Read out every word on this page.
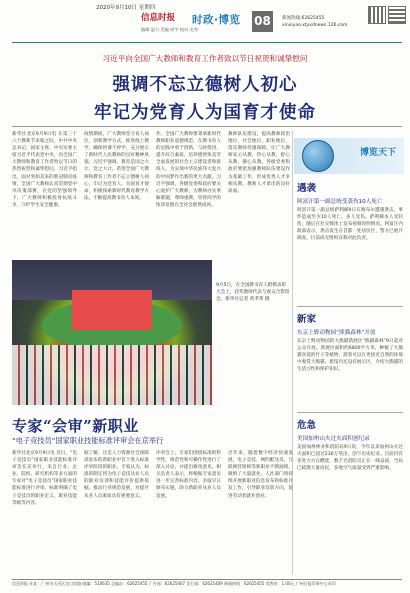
2020年9月10日 星期四
信息时报
编辑 温力 美编 胡宇 校对 龙秀
时政·博览 08	新闻热线:62625455
xinxiyao.xtyxdnews.126.com
习近平向全国广大教师和教育工作者致以节日祝贺和诚挚慰问
强调不忘立德树人初心
牢记为党育人为国育才使命
新华社北京9月9日电 在第三十六个教师节来临之际，中共中央总书记、国家主席、中央军委主席习近平代表党中央，向全国广大教师和教育工作者致以节日的热烈祝贺和诚挚慰问。习近平指出，面对突如其来的新冠肺炎疫情，全国广大教师认真贯彻党中央决策部署，在党的坚强领导下，广大教师积极投身抗疫斗争，守护学生安全健康。
疫情期间，广大教师坚守育人岗位，创新教学方式，推进线上教学，确保停课不停学，充分展示了新时代人民教师的良好精神风貌。习近平强调，教育是国之大计、党之大计。希望全国广大教师和教育工作者不忘立德树人初心，牢记为党育人、为国育才使命，积极探索新时代教育教学方法，不断提高教书育人本领。
作。全国广大教师要秉承新时代教师职业道德规范，在教书育人的实践中勇于创新，与时俱进，提升综合素质，培养德智体美劳全面发展的社会主义建设者和接班人，为实现中华民族伟大复兴的中国梦作出新的更大贡献。习近平强调，各级党委和政府要关心爱护广大教师，为教师办实事解难题，尊师重教、崇智尚学的浓厚氛围在全社会蔚然成风。
教师队伍建设，提高教师政治地位、社会地位、职业地位，落实教师待遇保障，让广大教师安心从教、热心从教、舒心从教、静心从教。各级党委和政府要把加强教师队伍建设作为基础工作，形成优秀人才争相从教、教师人才辈出的良好局面。
9月5日，在全国教书育人楷模表彰大会上，获奖教师代表与观众合影留念。新华社记者 黄孝邦 摄
博览天下
遇袭
阿富汗第一副总统受袭伤10人死亡
阿富汗第一副总统萨利赫9日在喀布尔遭遇袭击，事件造成至少10人死亡、多人受伤。萨利赫本人受轻伤，随后在社交媒体上发布视频说明情况。阿富汗内政部表示，袭击发生在首都一处居民区，警方已展开调查，目前尚无组织宣称对此负责。
新家
东京上野动物园“熊猫森林”开放
东京上野动物园的大熊猫新展区“熊猫森林”9日起对公众开放。新展区面积约6800平方米，种植了大熊猫喜爱的竹子等植物，游客可以在更接近自然的环境中观赏大熊猫。新馆内还设有展示区，介绍大熊猫的生活习性和保护知识。
危急
美国加州山火过火面积创纪录
美国加州林业和消防局9日说，今年以来加州山火过火面积已超过230万英亩，创下历史纪录。目前仍有多处大火在燃烧，数千名消防员正在一线奋战，当局已疏散大量居民，多地空气质量受到严重影响。
专家“会审”新职业
“电子竞技员”国家职业技能标准评审会在京举行
新华社北京9月9日电 近日，“电子竞技员”国家职业技能标准评审会在京举行，来自行业、企业、院校、研究机构等多方面的专家对“电子竞技员”国家职业技能标准进行评审。标准明确了电子竞技员的职业定义、职业技能等级等内容。
据了解，这是人力资源社会保障部发布的新职业中首个进入标准评审阶段的职业。专家认为，标准的制定将为电子竞技从业人员的职业培训和技能评价提供依据，推动行业规范发展，对提升从业人员素质具有重要意义。
评审会上，专家们围绕标准的科学性、规范性和可操作性进行了深入讨论，并提出修改意见。相关负责人表示，将根据专家意见进一步完善标准内容，争取早日颁布实施，助力新职业从业人员发展。
近年来，随着数字经济快速发展，电子竞技、网约配送员、互联网营销师等新职业不断涌现，吸纳了大量就业。人社部门将持续开展新职业信息发布和标准开发工作，引导职业培训方向，促进劳动者就业创业。
信息时报 社址：广州市天河区龙口西路 邮编：510635 总编办：62625455 广告部：62625407 发行部：62625409 新闻热线：62625455 零售价：1.00元 广州日报印务中心承印
